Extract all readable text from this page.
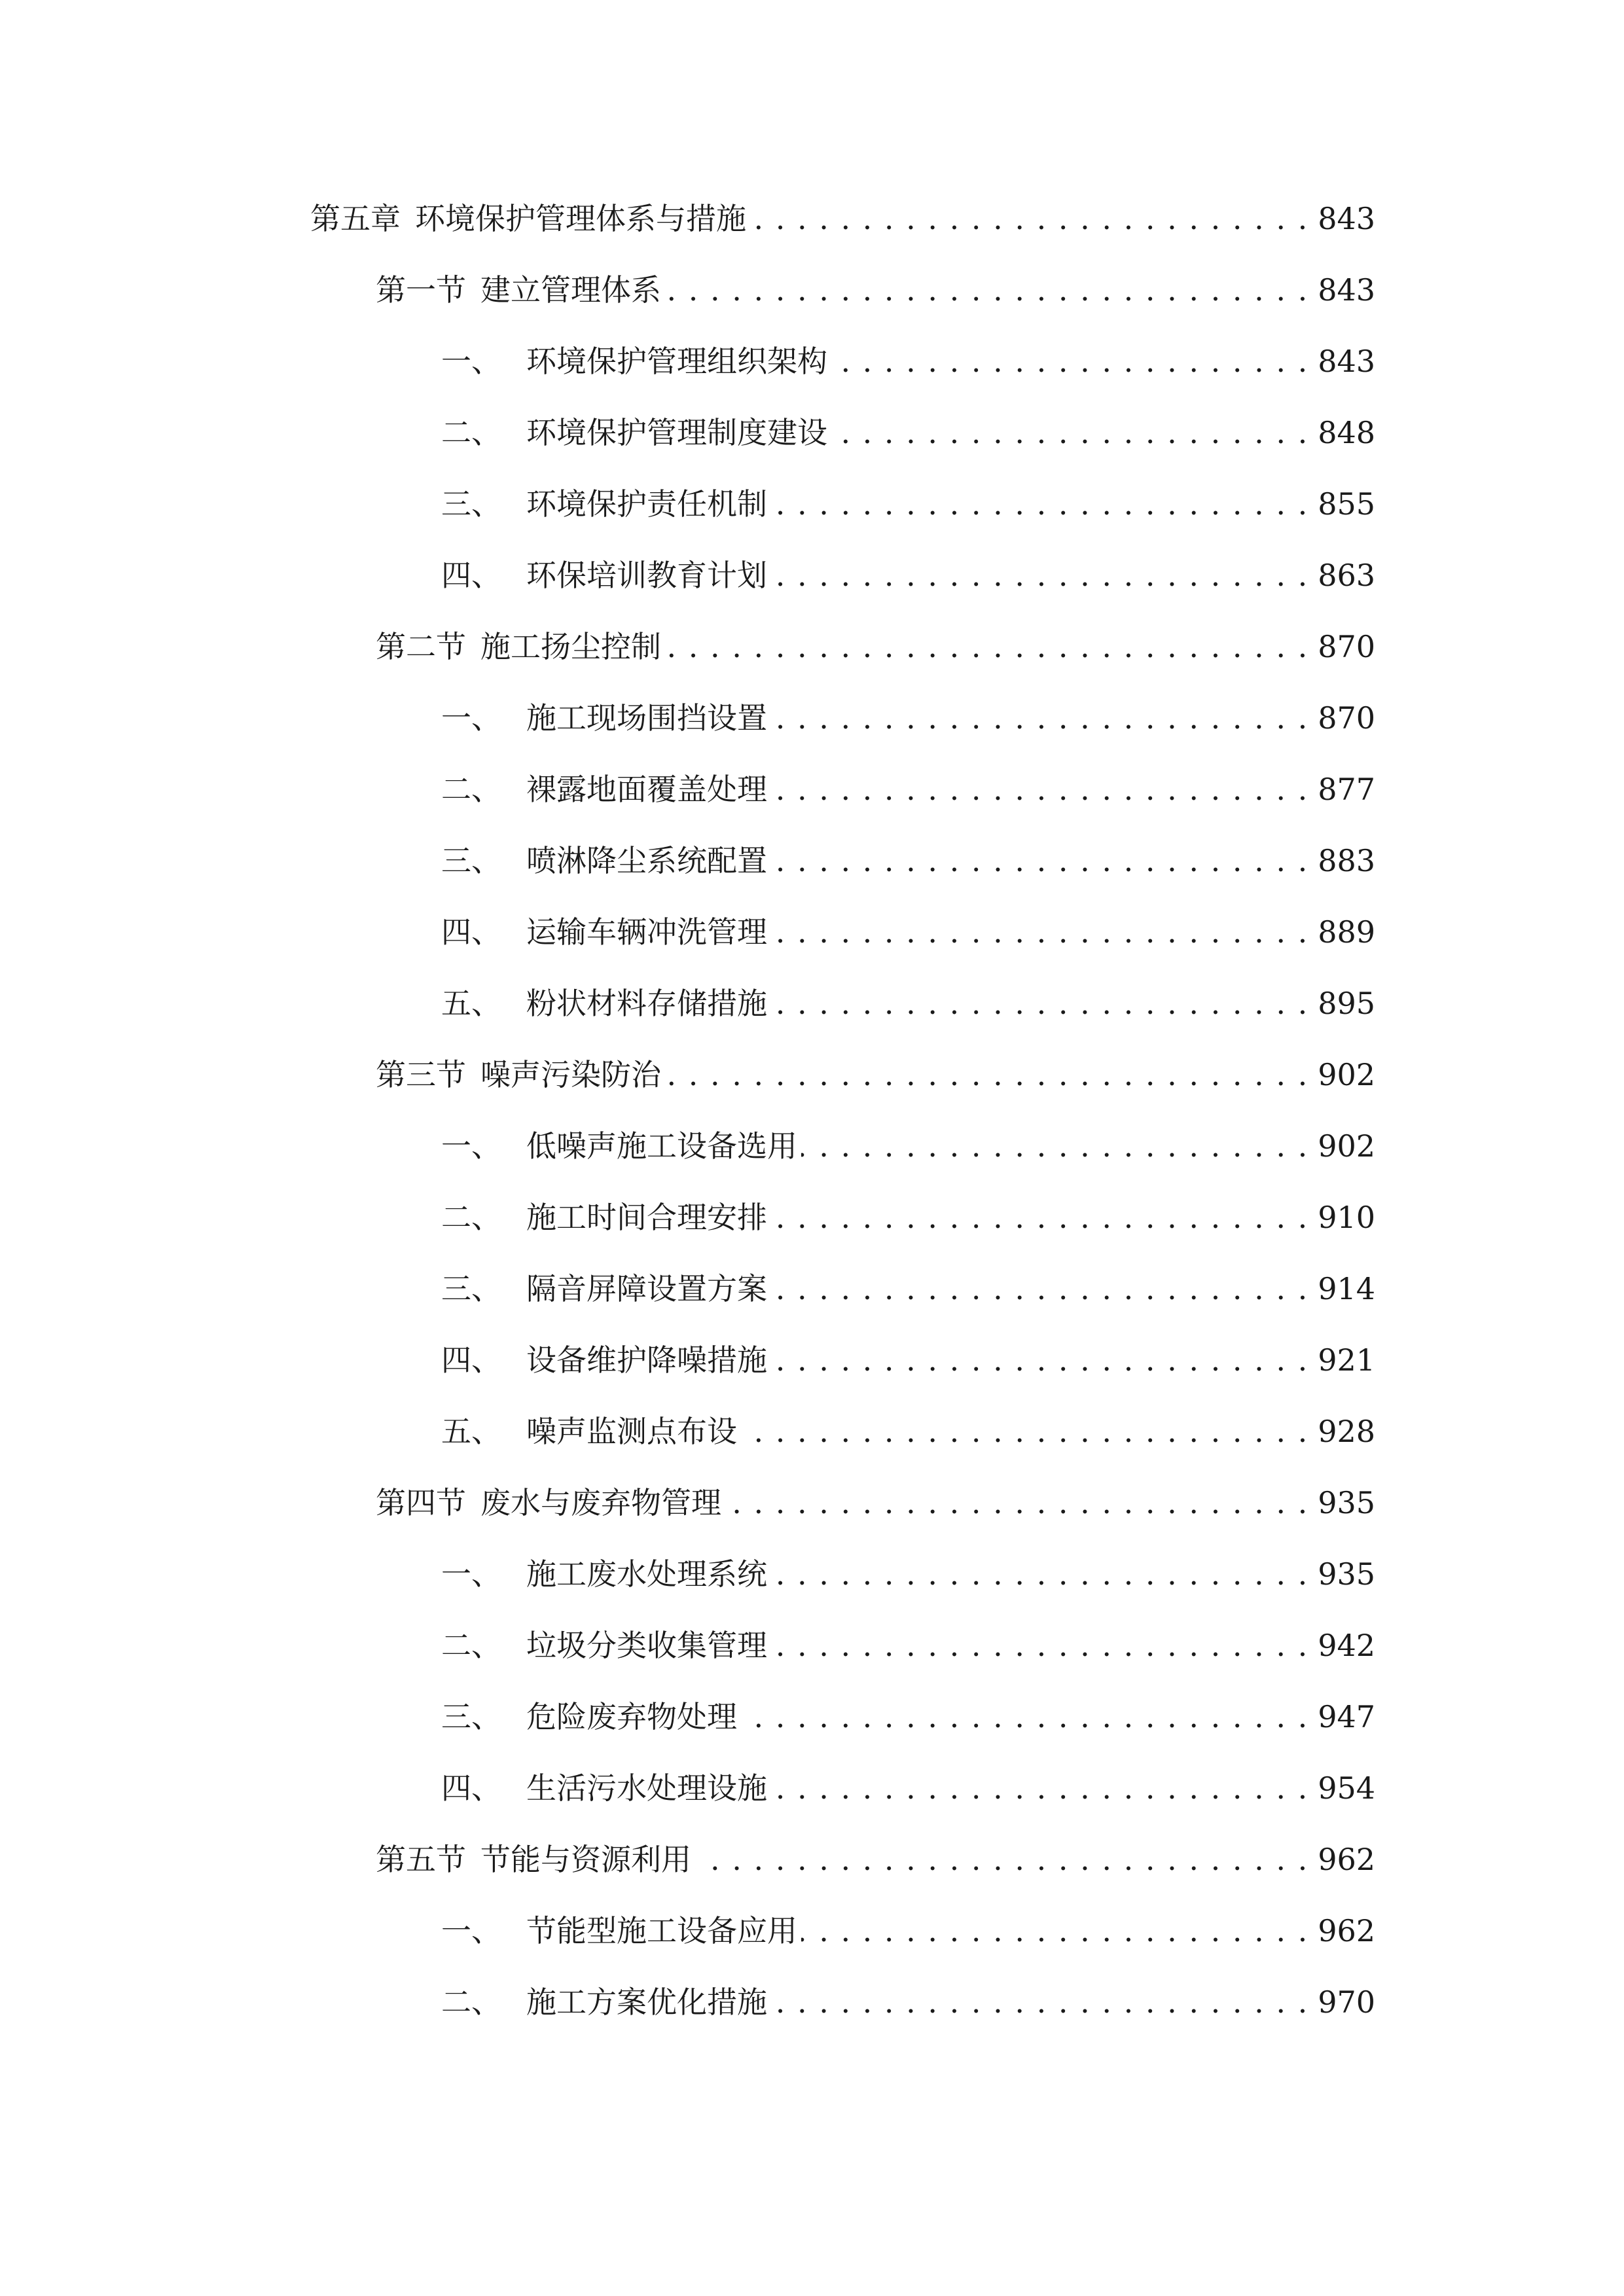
第五章 环境保护管理体系与措施 . . .	843
第一节 建立管理体系 . . .	843
一、 环境保护管理组织架构 . . .	843
二、 环境保护管理制度建设 . . .	848
三、 环境保护责任机制 . . .	855
四、 环保培训教育计划 . . .	863
第二节 施工扬尘控制 . . .	870
一、 施工现场围挡设置 . . .	870
二、 裸露地面覆盖处理 . . .	877
三、 喷淋降尘系统配置 . . .	883
四、 运输车辆冲洗管理 . . .	889
五、 粉状材料存储措施 . . .	895
第三节 噪声污染防治 . . .	902
一、 低噪声施工设备选用 . . .	902
二、 施工时间合理安排 . . .	910
三、 隔音屏障设置方案 . . .	914
四、 设备维护降噪措施 . . .	921
五、 噪声监测点布设 . . .	928
第四节 废水与废弃物管理 . . .	935
一、 施工废水处理系统 . . .	935
二、 垃圾分类收集管理 . . .	942
三、 危险废弃物处理 . . .	947
四、 生活污水处理设施 . . .	954
第五节 节能与资源利用 . . .	962
一、 节能型施工设备应用 . . .	962
二、 施工方案优化措施 . . .	970
